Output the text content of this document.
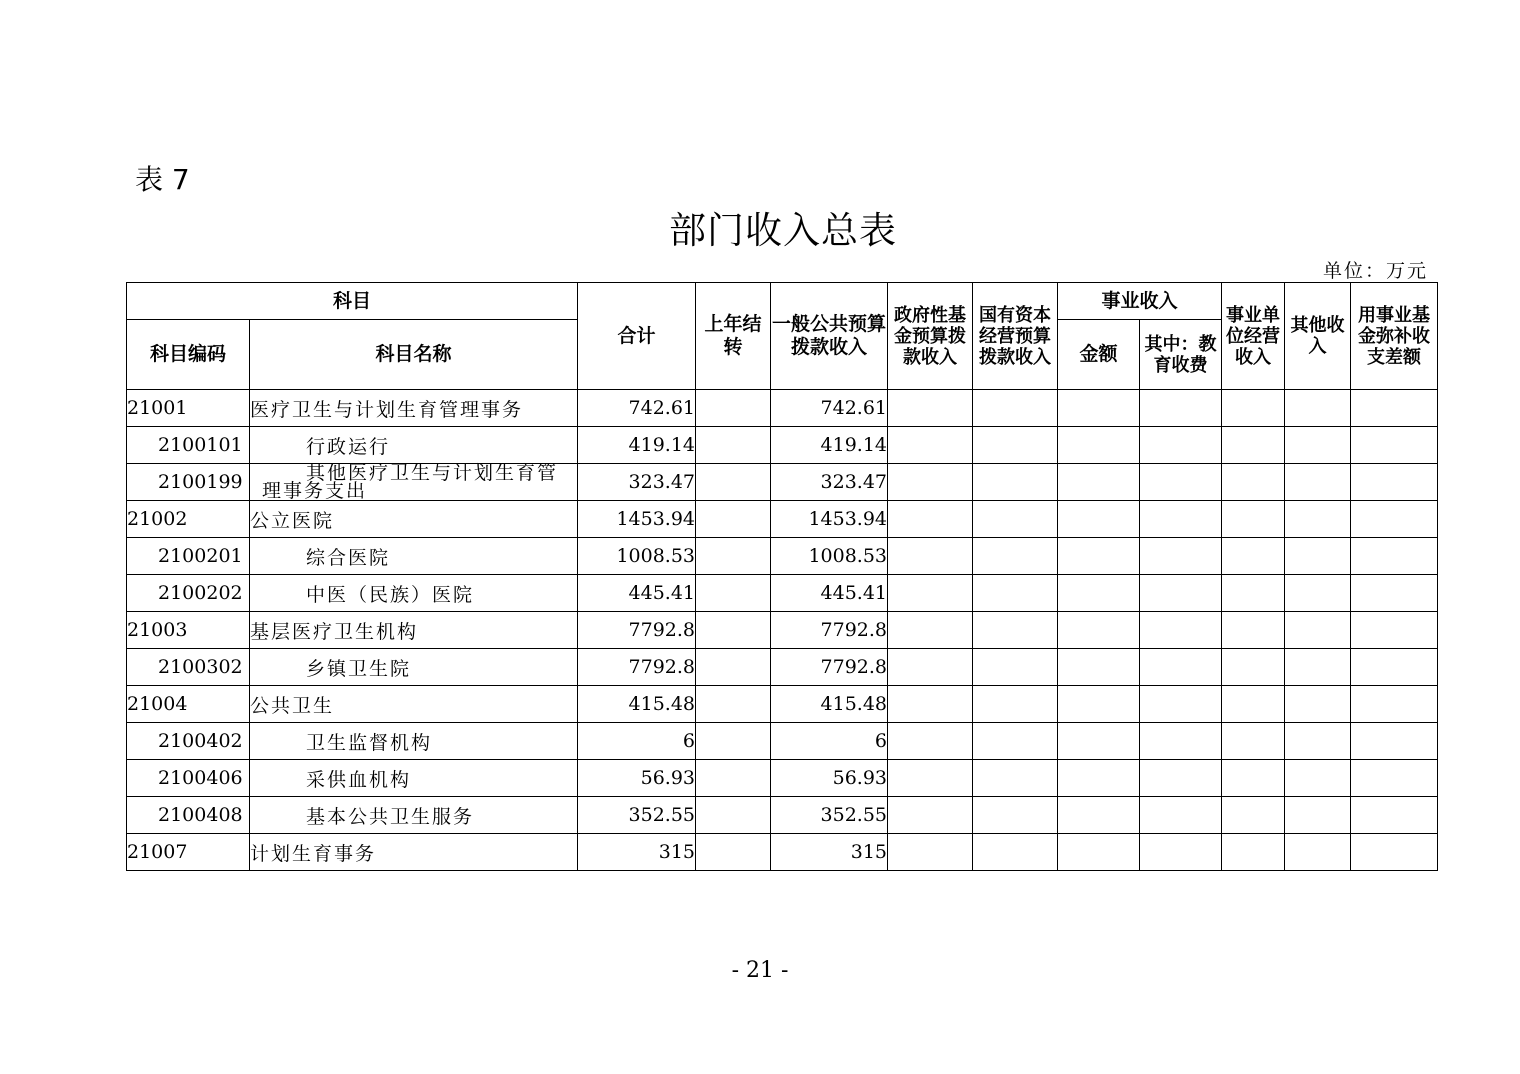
表 7
部门收入总表
单位：万元
科目		合计	上年结转	一般公共预算拨款收入	政府性基金预算拨款收入	国有资本经营预算拨款收入	事业收入		事业单位经营收入	其他收入	用事业基金弥补收支差额
科目编码	科目名称						金额	其中：教育收费			
21001	医疗卫生与计划生育管理事务	742.61		742.61							
2100101	行政运行	419.14		419.14							
2100199	其他医疗卫生与计划生育管理事务支出	323.47		323.47							
21002	公立医院	1453.94		1453.94							
2100201	综合医院	1008.53		1008.53							
2100202	中医（民族）医院	445.41		445.41							
21003	基层医疗卫生机构	7792.8		7792.8							
2100302	乡镇卫生院	7792.8		7792.8							
21004	公共卫生	415.48		415.48							
2100402	卫生监督机构	6		6							
2100406	采供血机构	56.93		56.93							
2100408	基本公共卫生服务	352.55		352.55							
21007	计划生育事务	315		315							
- 21 -
